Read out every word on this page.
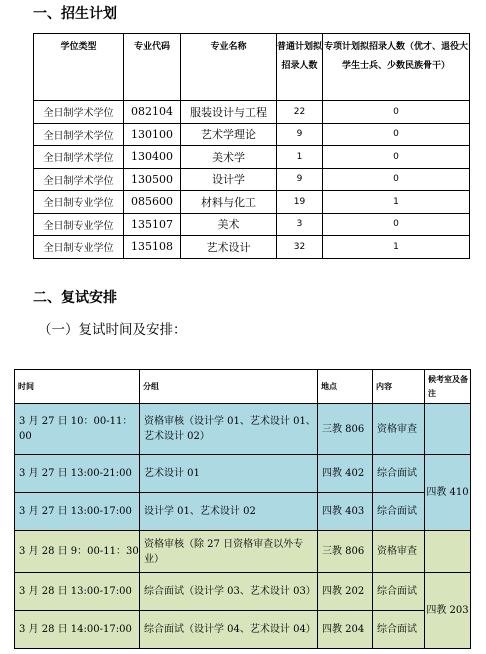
一、招生计划
学位类型	专业代码	专业名称	普通计划拟招录人数	专项计划拟招录人数（优才、退役大学生士兵、少数民族骨干）
全日制学术学位	082104	服装设计与工程	22	0
全日制学术学位	130100	艺术学理论	9	0
全日制学术学位	130400	美术学	1	0
全日制学术学位	130500	设计学	9	0
全日制专业学位	085600	材料与化工	19	1
全日制专业学位	135107	美术	3	0
全日制专业学位	135108	艺术设计	32	1
二、复试安排
（一）复试时间及安排：
时间	分组	地点	内容	候考室及备注
3 月 27 日 10：00-11：00	资格审核（设计学 01、艺术设计 01、艺术设计 02）	三教 806	资格审查	
3 月 27 日 13:00-21:00	艺术设计 01	四教 402	综合面试	四教 410
3 月 27 日 13:00-17:00	设计学 01、艺术设计 02	四教 403	综合面试	
3 月 28 日 9：00-11：30	资格审核（除 27 日资格审查以外专业）	三教 806	资格审查	
3 月 28 日 13:00-17:00	综合面试（设计学 03、艺术设计 03）	四教 202	综合面试	四教 203
3 月 28 日 14:00-17:00	综合面试（设计学 04、艺术设计 04）	四教 204	综合面试	
